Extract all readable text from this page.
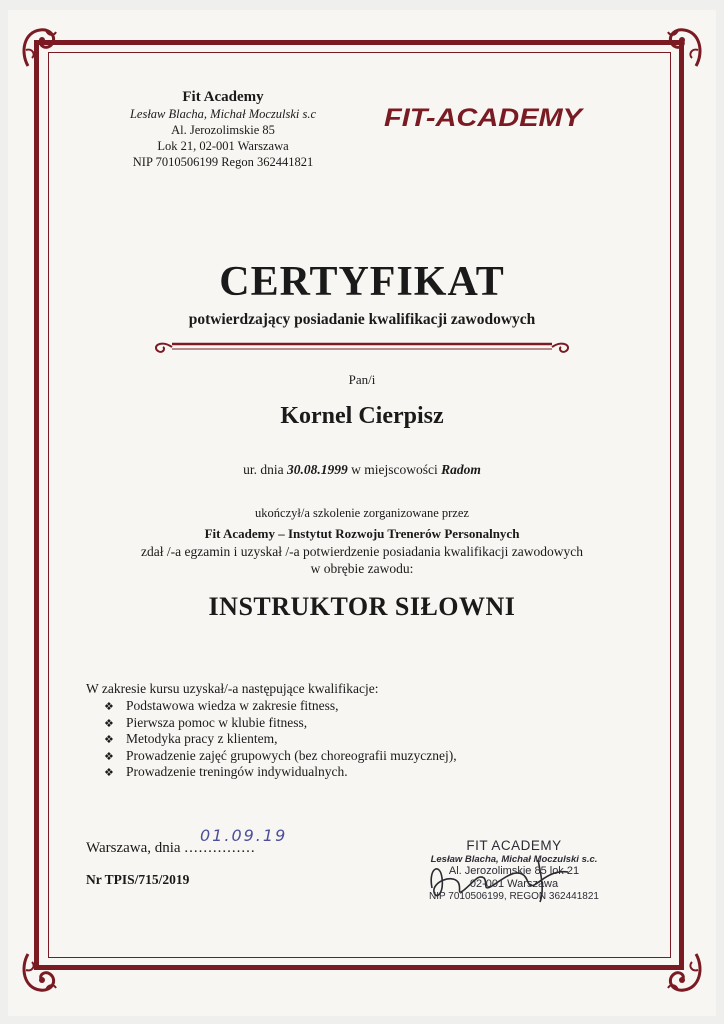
Fit Academy
Lesław Blacha, Michał Moczulski s.c
Al. Jerozolimskie 85
Lok 21, 02-001 Warszawa
NIP 7010506199 Regon 362441821
FIT-ACADEMY
CERTYFIKAT
potwierdzający posiadanie kwalifikacji zawodowych
Pan/i
Kornel Cierpisz
ur. dnia 30.08.1999 w miejscowości Radom
ukończył/a szkolenie zorganizowane przez
Fit Academy – Instytut Rozwoju Trenerów Personalnych
zdał /-a egzamin i uzyskał /-a potwierdzenie posiadania kwalifikacji zawodowych
w obrębie zawodu:
INSTRUKTOR SIŁOWNI
W zakresie kursu uzyskał/-a następujące kwalifikacje:
❖ Podstawowa wiedza w zakresie fitness,
❖ Pierwsza pomoc w klubie fitness,
❖ Metodyka pracy z klientem,
❖ Prowadzenie zajęć grupowych (bez choreografii muzycznej),
❖ Prowadzenie treningów indywidualnych.
Warszawa, dnia ...............
01.09.19
Nr TPIS/715/2019
FIT ACADEMY
Lesław Blacha, Michał Moczulski s.c.
Al. Jerozolimskie 85 lok 21
02-001 Warszawa
NIP 7010506199, REGON 362441821
